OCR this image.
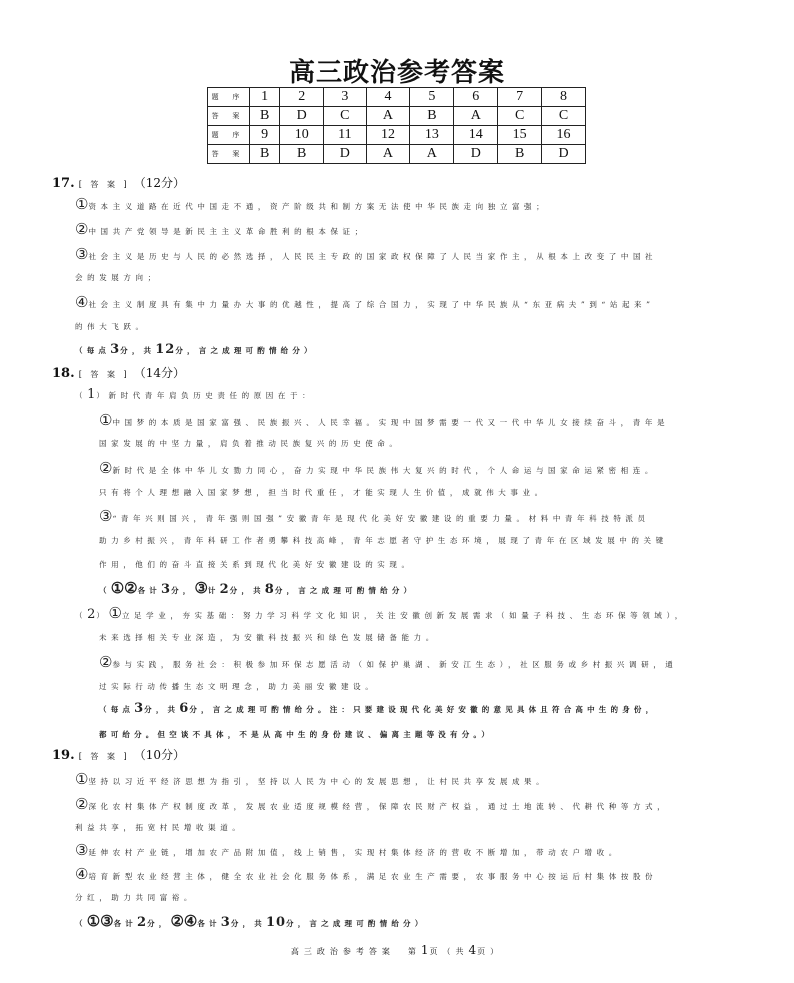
高三政治参考答案
题 序	1	2	3	4	5	6	7	8
答 案	B	D	C	A	B	A	C	C
题 序	9	10	11	12	13	14	15	16
答 案	B	B	D	A	A	D	B	D
17. [ 答 案 ] （12分）
①资本主义道路在近代中国走不通，资产阶级共和制方案无法使中华民族走向独立富强；
②中国共产党领导是新民主主义革命胜利的根本保证；
③社会主义是历史与人民的必然选择，人民民主专政的国家政权保障了人民当家作主，从根本上改变了中国社
会的发展方向；
④社会主义制度具有集中力量办大事的优越性，提高了综合国力，实现了中华民族从“东亚病夫”到“站起来”
的伟大飞跃。
（每点3分，共12分，言之成理可酌情给分）
18. [ 答 案 ] （14分）
（1）新时代青年肩负历史责任的原因在于：
①中国梦的本质是国家富强、民族振兴、人民幸福。实现中国梦需要一代又一代中华儿女接续奋斗，青年是
国家发展的中坚力量，肩负着推动民族复兴的历史使命。
②新时代是全体中华儿女勠力同心，奋力实现中华民族伟大复兴的时代，个人命运与国家命运紧密相连。
只有将个人理想融入国家梦想，担当时代重任，才能实现人生价值，成就伟大事业。
③“青年兴则国兴，青年强则国强”安徽青年是现代化美好安徽建设的重要力量。材料中青年科技特派员
助力乡村振兴，青年科研工作者勇攀科技高峰，青年志愿者守护生态环境，展现了青年在区域发展中的关键
作用，他们的奋斗直接关系到现代化美好安徽建设的实现。
（①②各计3分，③计2分，共8分，言之成理可酌情给分）
（2）①立足学业，夯实基础：努力学习科学文化知识，关注安徽创新发展需求（如量子科技、生态环保等领域），
未来选择相关专业深造，为安徽科技振兴和绿色发展储备能力。
②参与实践，服务社会：积极参加环保志愿活动（如保护巢湖、新安江生态），社区服务或乡村振兴调研，通
过实际行动传播生态文明理念，助力美丽安徽建设。
（每点3分，共6分，言之成理可酌情给分。注：只要建设现代化美好安徽的意见具体且符合高中生的身份，
都可给分。但空谈不具体，不是从高中生的身份建议、偏离主题等没有分。）
19. [ 答 案 ] （10分）
①坚持以习近平经济思想为指引，坚持以人民为中心的发展思想，让村民共享发展成果。
②深化农村集体产权制度改革，发展农业适度规模经营，保障农民财产权益，通过土地流转、代耕代种等方式，
利益共享，拓宽村民增收渠道。
③延伸农村产业链，增加农产品附加值，线上销售，实现村集体经济的营收不断增加，带动农户增收。
④培育新型农业经营主体，健全农业社会化服务体系，满足农业生产需要，农事服务中心按运后村集体按股份
分红，助力共同富裕。
（①③各计2分，②④各计3分，共10分，言之成理可酌情给分）
高三政治参考答案　第1页（共4页）
